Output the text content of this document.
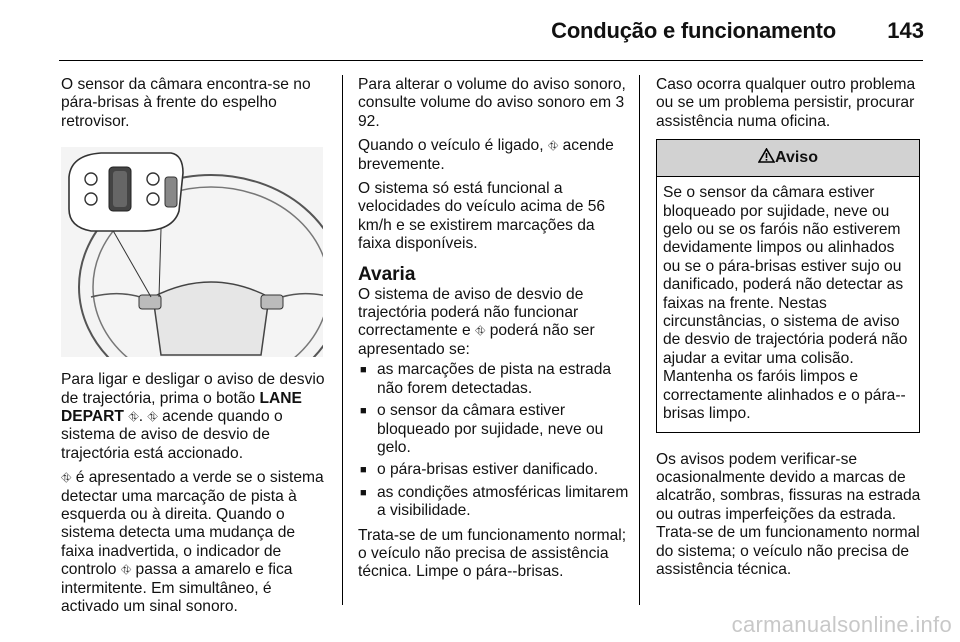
Condução e funcionamento 143

O sensor da câmara encontra-se no pára-brisas à frente do espelho retrovisor.

Para ligar e desligar o aviso de desvio de trajectória, prima o botão LANE DEPART ⛗. ⛗ acende quando o sistema de aviso de desvio de trajectória está accionado.

⛗ é apresentado a verde se o sistema detectar uma marcação de pista à esquerda ou à direita. Quando o sistema detecta uma mudança de faixa inadvertida, o indicador de controlo ⛗ passa a amarelo e fica intermitente. Em simultâneo, é activado um sinal sonoro.

Para alterar o volume do aviso sonoro, consulte volume do aviso sonoro em 3 92.

Quando o veículo é ligado, ⛗ acende brevemente.

O sistema só está funcional a velocidades do veículo acima de 56 km/h e se existirem marcações da faixa disponíveis.

Avaria

O sistema de aviso de desvio de trajectória poderá não funcionar correctamente e ⛗ poderá não ser apresentado se:

■ as marcações de pista na estrada não forem detectadas.
■ o sensor da câmara estiver bloqueado por sujidade, neve ou gelo.
■ o pára-brisas estiver danificado.
■ as condições atmosféricas limitarem a visibilidade.

Trata-se de um funcionamento normal; o veículo não precisa de assistência técnica. Limpe o pára--brisas.

Caso ocorra qualquer outro problema ou se um problema persistir, procurar assistência numa oficina.

Aviso
Se o sensor da câmara estiver bloqueado por sujidade, neve ou gelo ou se os faróis não estiverem devidamente limpos ou alinhados ou se o pára-brisas estiver sujo ou danificado, poderá não detectar as faixas na frente. Nestas circunstâncias, o sistema de aviso de desvio de trajectória poderá não ajudar a evitar uma colisão. Mantenha os faróis limpos e correctamente alinhados e o pára--brisas limpo.

Os avisos podem verificar-se ocasionalmente devido a marcas de alcatrão, sombras, fissuras na estrada ou outras imperfeições da estrada. Trata-se de um funcionamento normal do sistema; o veículo não precisa de assistência técnica.

carmanualsonline.info
